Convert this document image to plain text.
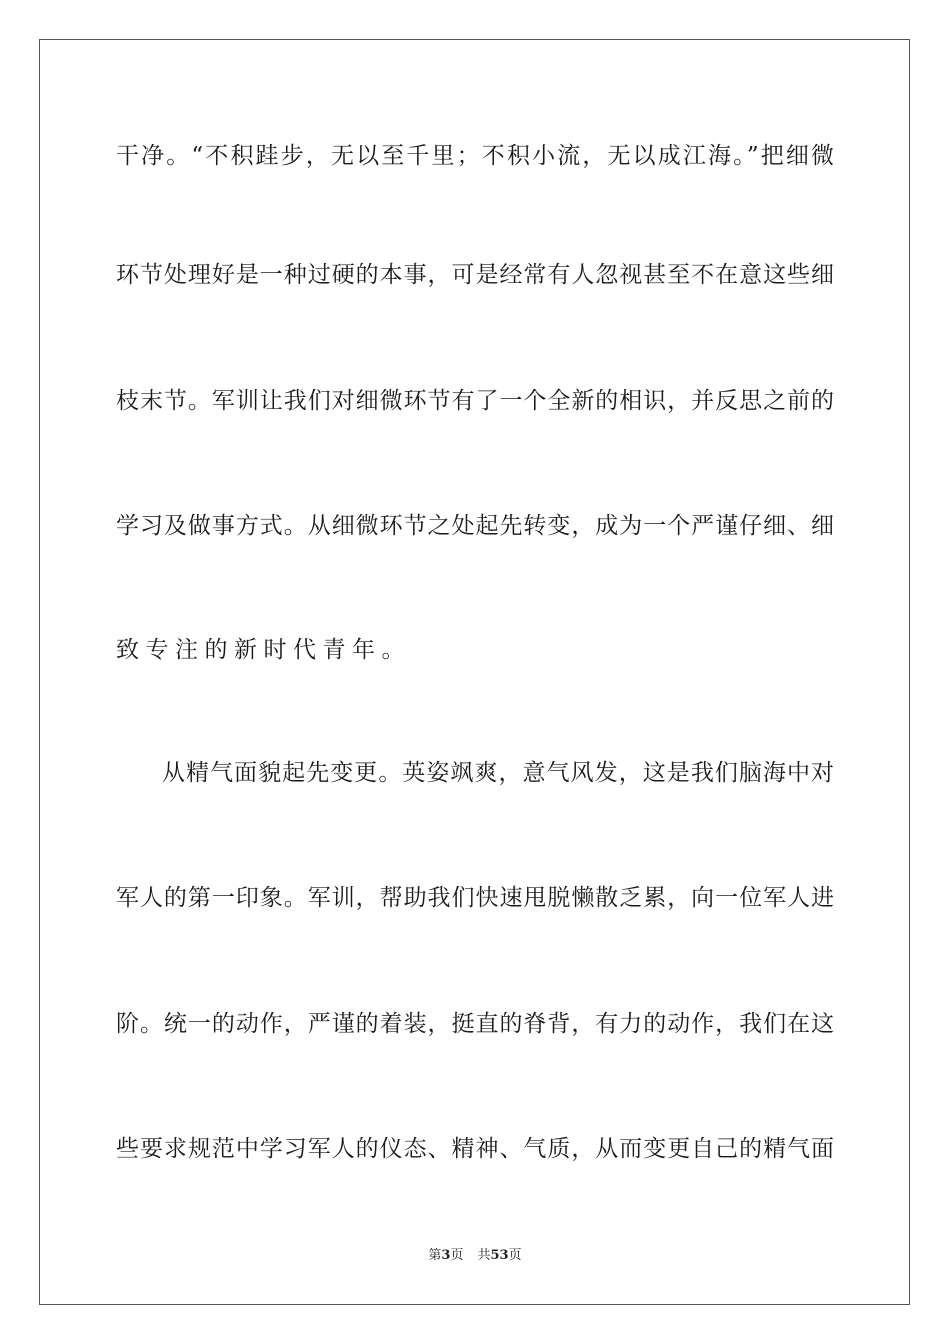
干净。“不积跬步，无以至千里；不积小流，无以成江海。”把细微
环节处理好是一种过硬的本事，可是经常有人忽视甚至不在意这些细
枝末节。军训让我们对细微环节有了一个全新的相识，并反思之前的
学习及做事方式。从细微环节之处起先转变，成为一个严谨仔细、细
致专注的新时代青年。
从精气面貌起先变更。英姿飒爽，意气风发，这是我们脑海中对
军人的第一印象。军训，帮助我们快速甩脱懒散乏累，向一位军人进
阶。统一的动作，严谨的着装，挺直的脊背，有力的动作，我们在这
些要求规范中学习军人的仪态、精神、气质，从而变更自己的精气面
第3页 共53页
